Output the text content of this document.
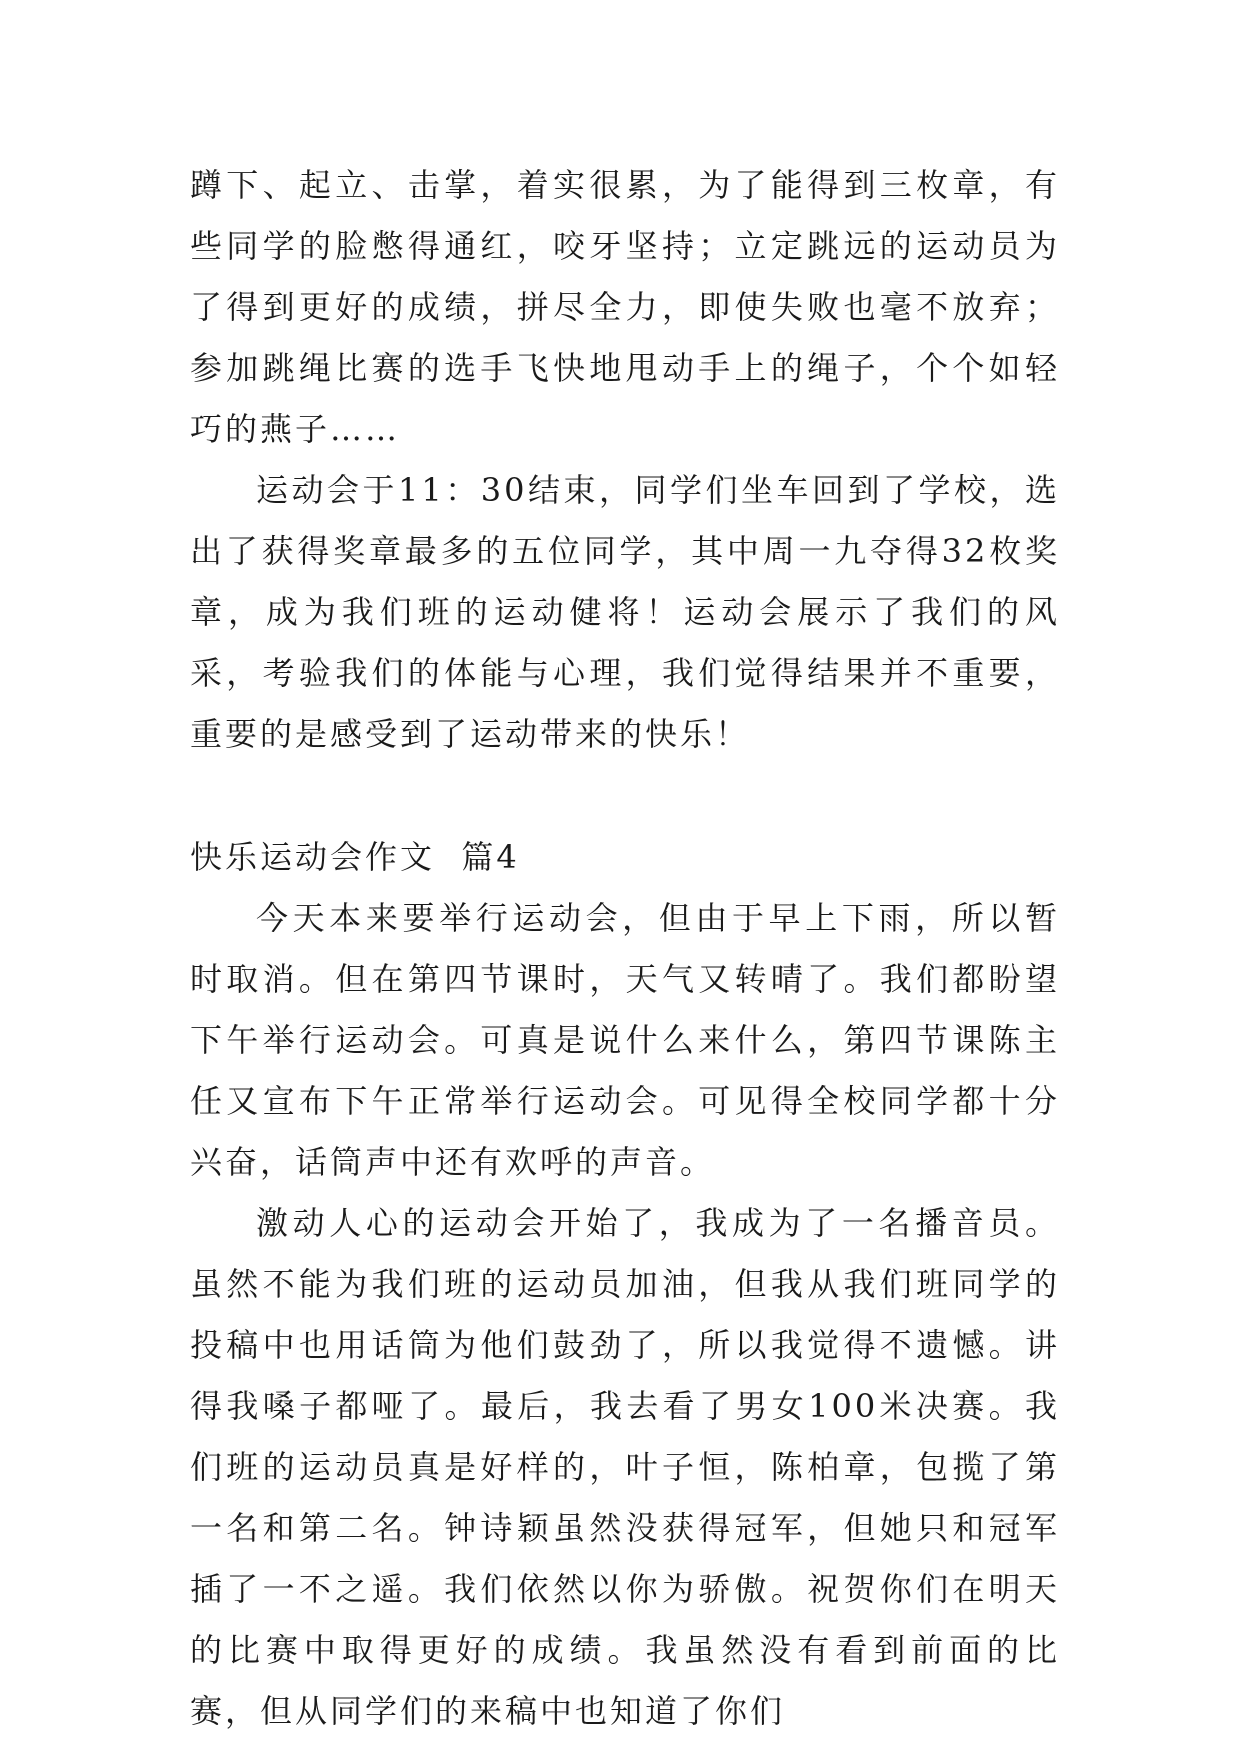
蹲下、起立、击掌，着实很累，为了能得到三枚章，有些同学的脸憋得通红，咬牙坚持；立定跳远的运动员为了得到更好的成绩，拼尽全力，即使失败也毫不放弃；参加跳绳比赛的选手飞快地甩动手上的绳子，个个如轻巧的燕子……

运动会于11：30结束，同学们坐车回到了学校，选出了获得奖章最多的五位同学，其中周一九夺得32枚奖章，成为我们班的运动健将！运动会展示了我们的风采，考验我们的体能与心理，我们觉得结果并不重要，重要的是感受到了运动带来的快乐！

快乐运动会作文  篇4

今天本来要举行运动会，但由于早上下雨，所以暂时取消。但在第四节课时，天气又转晴了。我们都盼望下午举行运动会。可真是说什么来什么，第四节课陈主任又宣布下午正常举行运动会。可见得全校同学都十分兴奋，话筒声中还有欢呼的声音。

激动人心的运动会开始了，我成为了一名播音员。虽然不能为我们班的运动员加油，但我从我们班同学的投稿中也用话筒为他们鼓劲了，所以我觉得不遗憾。讲得我嗓子都哑了。最后，我去看了男女100米决赛。我们班的运动员真是好样的，叶子恒，陈柏章，包揽了第一名和第二名。钟诗颖虽然没获得冠军，但她只和冠军插了一不之遥。我们依然以你为骄傲。祝贺你们在明天的比赛中取得更好的成绩。我虽然没有看到前面的比赛，但从同学们的来稿中也知道了你们
